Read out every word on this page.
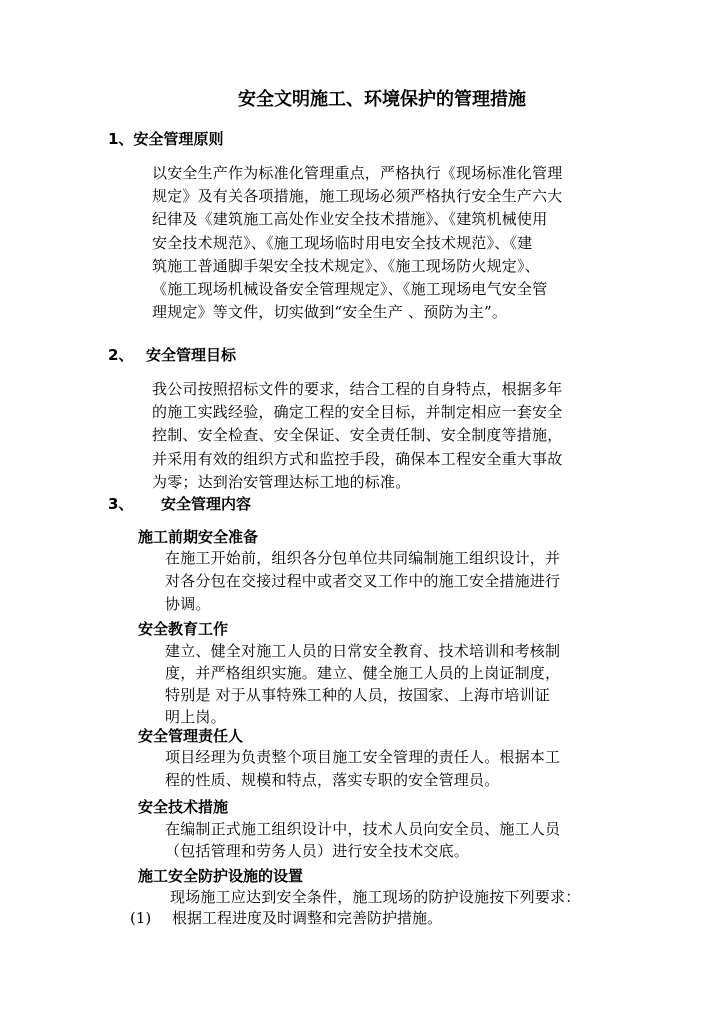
安全文明施工、环境保护的管理措施
1、安全管理原则
以安全生产作为标准化管理重点，严格执行《现场标准化管理
规定》及有关各项措施，施工现场必须严格执行安全生产六大
纪律及《建筑施工高处作业安全技术措施》、《建筑机械使用
安全技术规范》、《施工现场临时用电安全技术规范》、《建
筑施工普通脚手架安全技术规定》、《施工现场防火规定》、
《施工现场机械设备安全管理规定》、《施工现场电气安全管
理规定》等文件，切实做到“安全生产 、预防为主”。
2、 安全管理目标
我公司按照招标文件的要求，结合工程的自身特点，根据多年
的施工实践经验，确定工程的安全目标，并制定相应一套安全
控制、安全检查、安全保证、安全责任制、安全制度等措施，
并采用有效的组织方式和监控手段，确保本工程安全重大事故
为零；达到治安管理达标工地的标准。
3、 安全管理内容
施工前期安全准备
在施工开始前，组织各分包单位共同编制施工组织设计，并
对各分包在交接过程中或者交叉工作中的施工安全措施进行
协调。
安全教育工作
建立、健全对施工人员的日常安全教育、技术培训和考核制
度，并严格组织实施。建立、健全施工人员的上岗证制度，
特别是 对于从事特殊工种的人员，按国家、上海市培训证
明上岗。
安全管理责任人
项目经理为负责整个项目施工安全管理的责任人。根据本工
程的性质、规模和特点，落实专职的安全管理员。
安全技术措施
在编制正式施工组织设计中，技术人员向安全员、施工人员
（包括管理和劳务人员）进行安全技术交底。
施工安全防护设施的设置
现场施工应达到安全条件，施工现场的防护设施按下列要求：
(1) 根据工程进度及时调整和完善防护措施。
